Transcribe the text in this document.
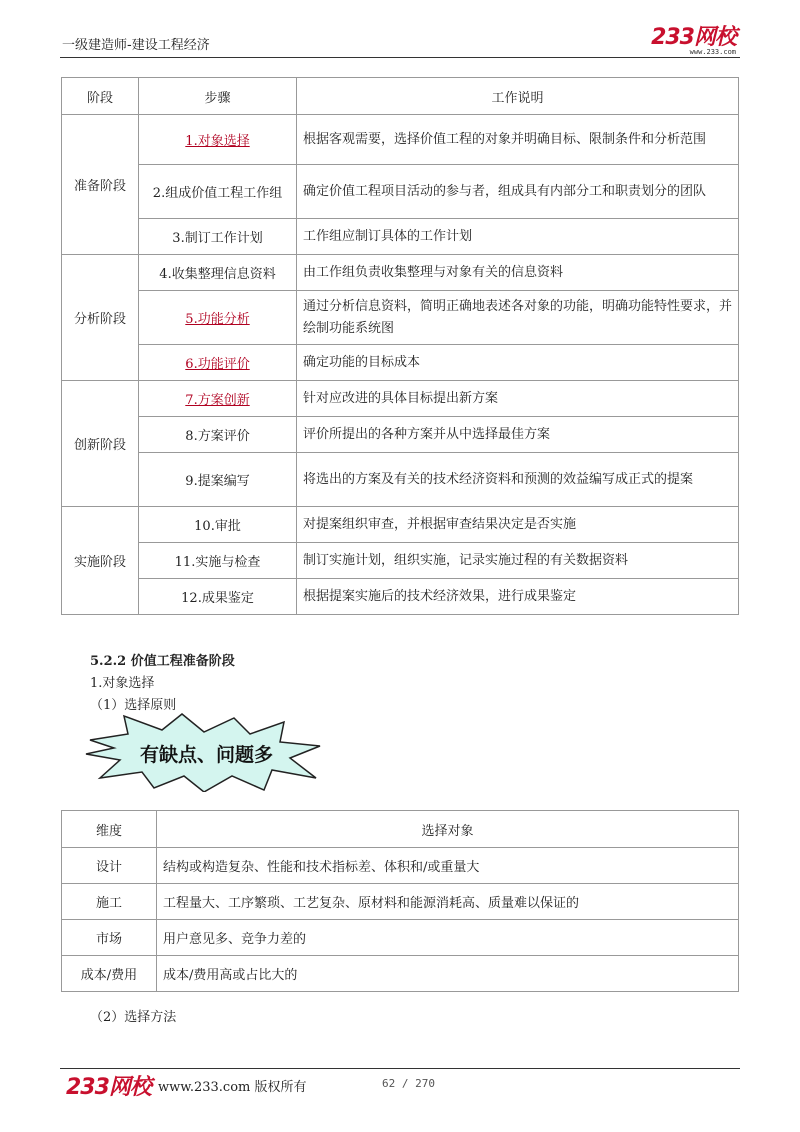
一级建造师-建设工程经济	233网校
www.233.com
阶段	步骤	工作说明
准备阶段	1.对象选择	根据客观需要，选择价值工程的对象并明确目标、限制条件和分析范围
	2.组成价值工程工作组	确定价值工程项目活动的参与者，组成具有内部分工和职责划分的团队
	3.制订工作计划	工作组应制订具体的工作计划
分析阶段	4.收集整理信息资料	由工作组负责收集整理与对象有关的信息资料
	5.功能分析	通过分析信息资料，简明正确地表述各对象的功能，明确功能特性要求，并绘制功能系统图
	6.功能评价	确定功能的目标成本
创新阶段	7.方案创新	针对应改进的具体目标提出新方案
	8.方案评价	评价所提出的各种方案并从中选择最佳方案
	9.提案编写	将选出的方案及有关的技术经济资料和预测的效益编写成正式的提案
实施阶段	10.审批	对提案组织审查，并根据审查结果决定是否实施
	11.实施与检查	制订实施计划，组织实施，记录实施过程的有关数据资料
	12.成果鉴定	根据提案实施后的技术经济效果，进行成果鉴定
5.2.2 价值工程准备阶段
1.对象选择
（1）选择原则
有缺点、问题多
维度	选择对象
设计	结构或构造复杂、性能和技术指标差、体积和/或重量大
施工	工程量大、工序繁琐、工艺复杂、原材料和能源消耗高、质量难以保证的
市场	用户意见多、竞争力差的
成本/费用	成本/费用高或占比大的
（2）选择方法
233网校 www.233.com 版权所有	62 / 270
